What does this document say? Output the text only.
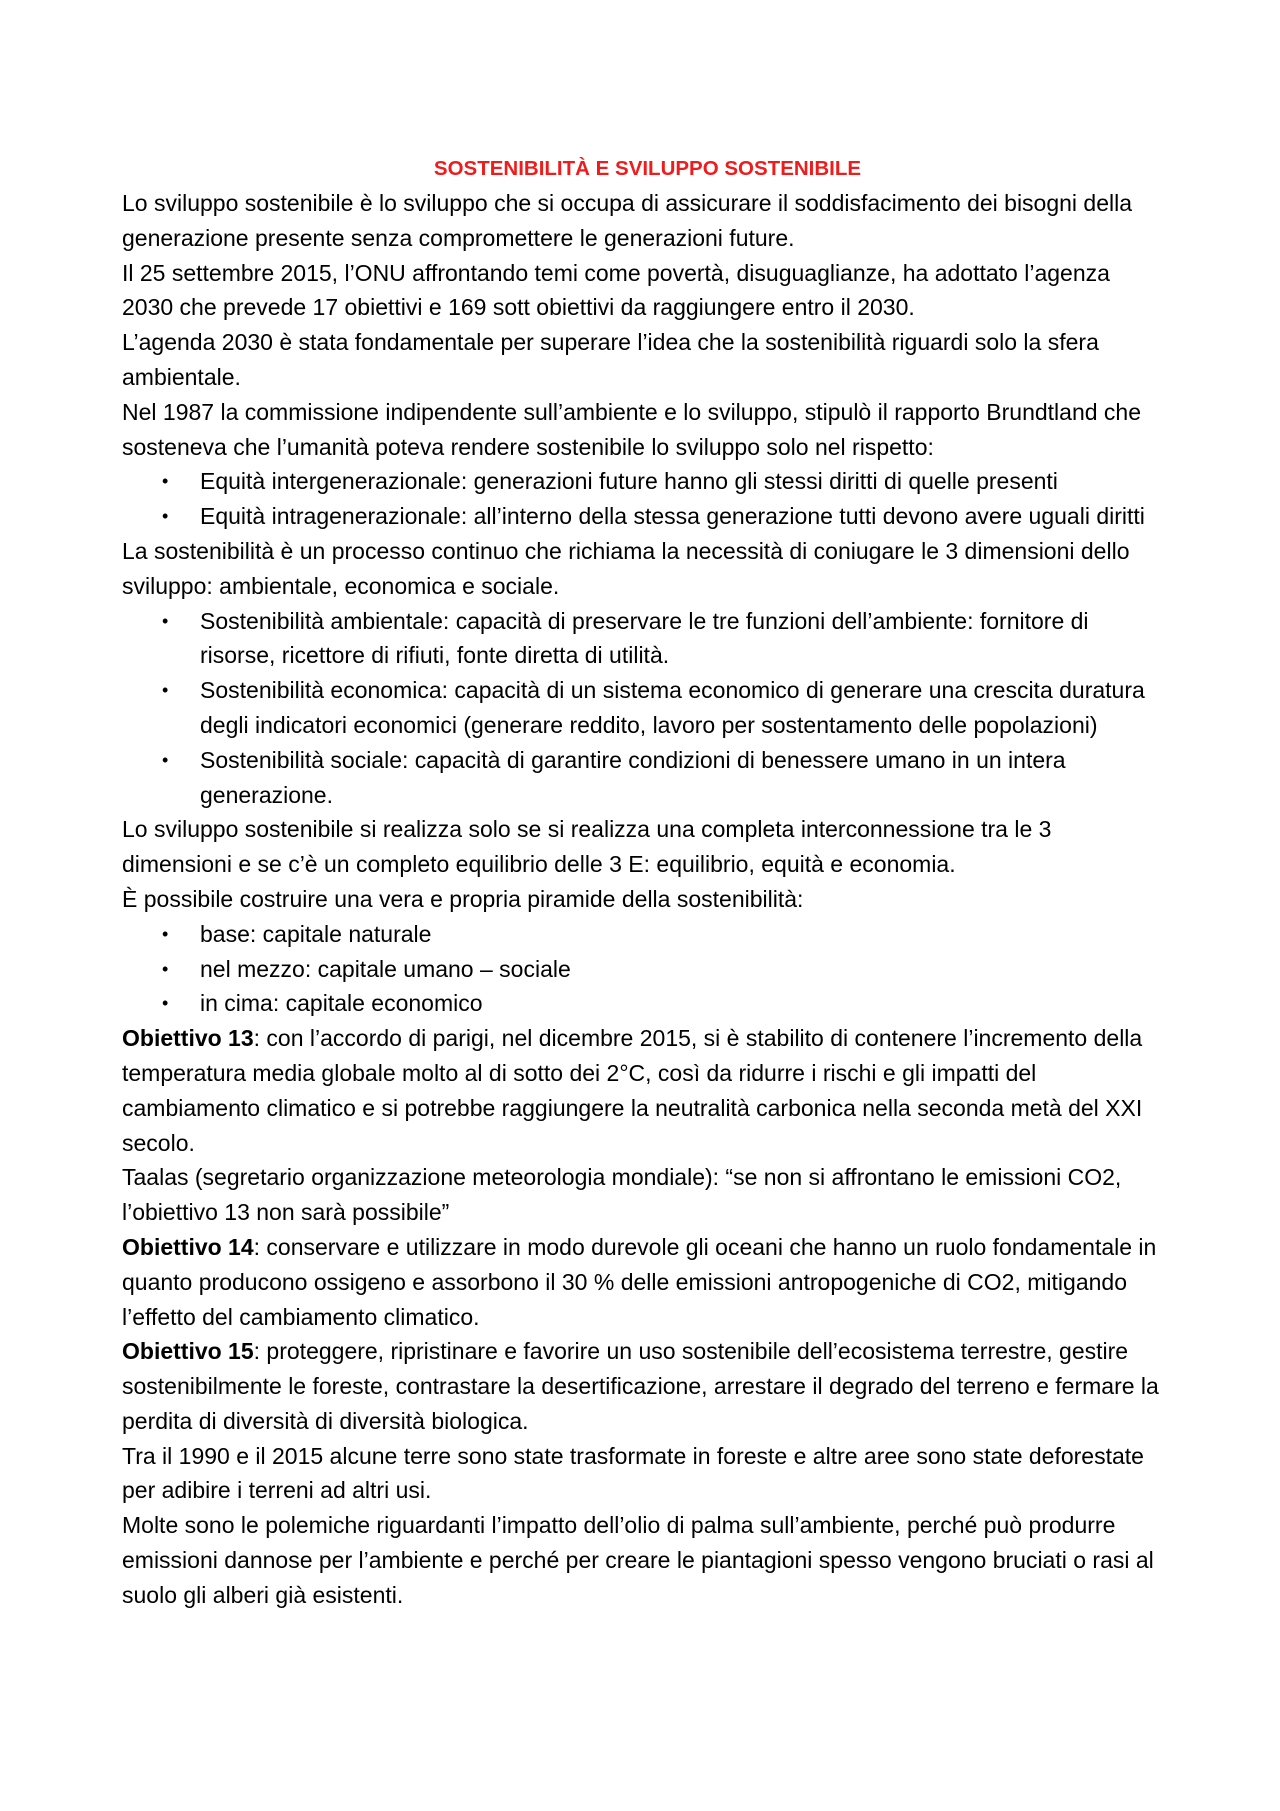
SOSTENIBILITÀ E SVILUPPO SOSTENIBILE

Lo sviluppo sostenibile è lo sviluppo che si occupa di assicurare il soddisfacimento dei bisogni della generazione presente senza compromettere le generazioni future.

Il 25 settembre 2015, l’ONU affrontando temi come povertà, disuguaglianze, ha adottato l’agenza 2030 che prevede 17 obiettivi e 169 sott obiettivi da raggiungere entro il 2030.

L’agenda 2030 è stata fondamentale per superare l’idea che la sostenibilità riguardi solo la sfera ambientale.

Nel 1987 la commissione indipendente sull’ambiente e lo sviluppo, stipulò il rapporto Brundtland che sosteneva che l’umanità poteva rendere sostenibile lo sviluppo solo nel rispetto:

• Equità intergenerazionale: generazioni future hanno gli stessi diritti di quelle presenti
• Equità intragenerazionale: all’interno della stessa generazione tutti devono avere uguali diritti

La sostenibilità è un processo continuo che richiama la necessità di coniugare le 3 dimensioni dello sviluppo: ambientale, economica e sociale.

• Sostenibilità ambientale: capacità di preservare le tre funzioni dell’ambiente: fornitore di risorse, ricettore di rifiuti, fonte diretta di utilità.
• Sostenibilità economica: capacità di un sistema economico di generare una crescita duratura degli indicatori economici (generare reddito, lavoro per sostentamento delle popolazioni)
• Sostenibilità sociale: capacità di garantire condizioni di benessere umano in un intera generazione.

Lo sviluppo sostenibile si realizza solo se si realizza una completa interconnessione tra le 3 dimensioni e se c’è un completo equilibrio delle 3 E: equilibrio, equità e economia.

È possibile costruire una vera e propria piramide della sostenibilità:

• base: capitale naturale
• nel mezzo: capitale umano – sociale
• in cima: capitale economico

Obiettivo 13: con l’accordo di parigi, nel dicembre 2015, si è stabilito di contenere l’incremento della temperatura media globale molto al di sotto dei 2°C, così da ridurre i rischi e gli impatti del cambiamento climatico e si potrebbe raggiungere la neutralità carbonica nella seconda metà del XXI secolo.

Taalas (segretario organizzazione meteorologia mondiale): “se non si affrontano le emissioni CO2, l’obiettivo 13 non sarà possibile”

Obiettivo 14: conservare e utilizzare in modo durevole gli oceani che hanno un ruolo fondamentale in quanto producono ossigeno e assorbono il 30 % delle emissioni antropogeniche di CO2, mitigando l’effetto del cambiamento climatico.

Obiettivo 15: proteggere, ripristinare e favorire un uso sostenibile dell’ecosistema terrestre, gestire sostenibilmente le foreste, contrastare la desertificazione, arrestare il degrado del terreno e fermare la perdita di diversità di diversità biologica.

Tra il 1990 e il 2015 alcune terre sono state trasformate in foreste e altre aree sono state deforestate per adibire i terreni ad altri usi.

Molte sono le polemiche riguardanti l’impatto dell’olio di palma sull’ambiente, perché può produrre emissioni dannose per l’ambiente e perché per creare le piantagioni spesso vengono bruciati o rasi al suolo gli alberi già esistenti.
